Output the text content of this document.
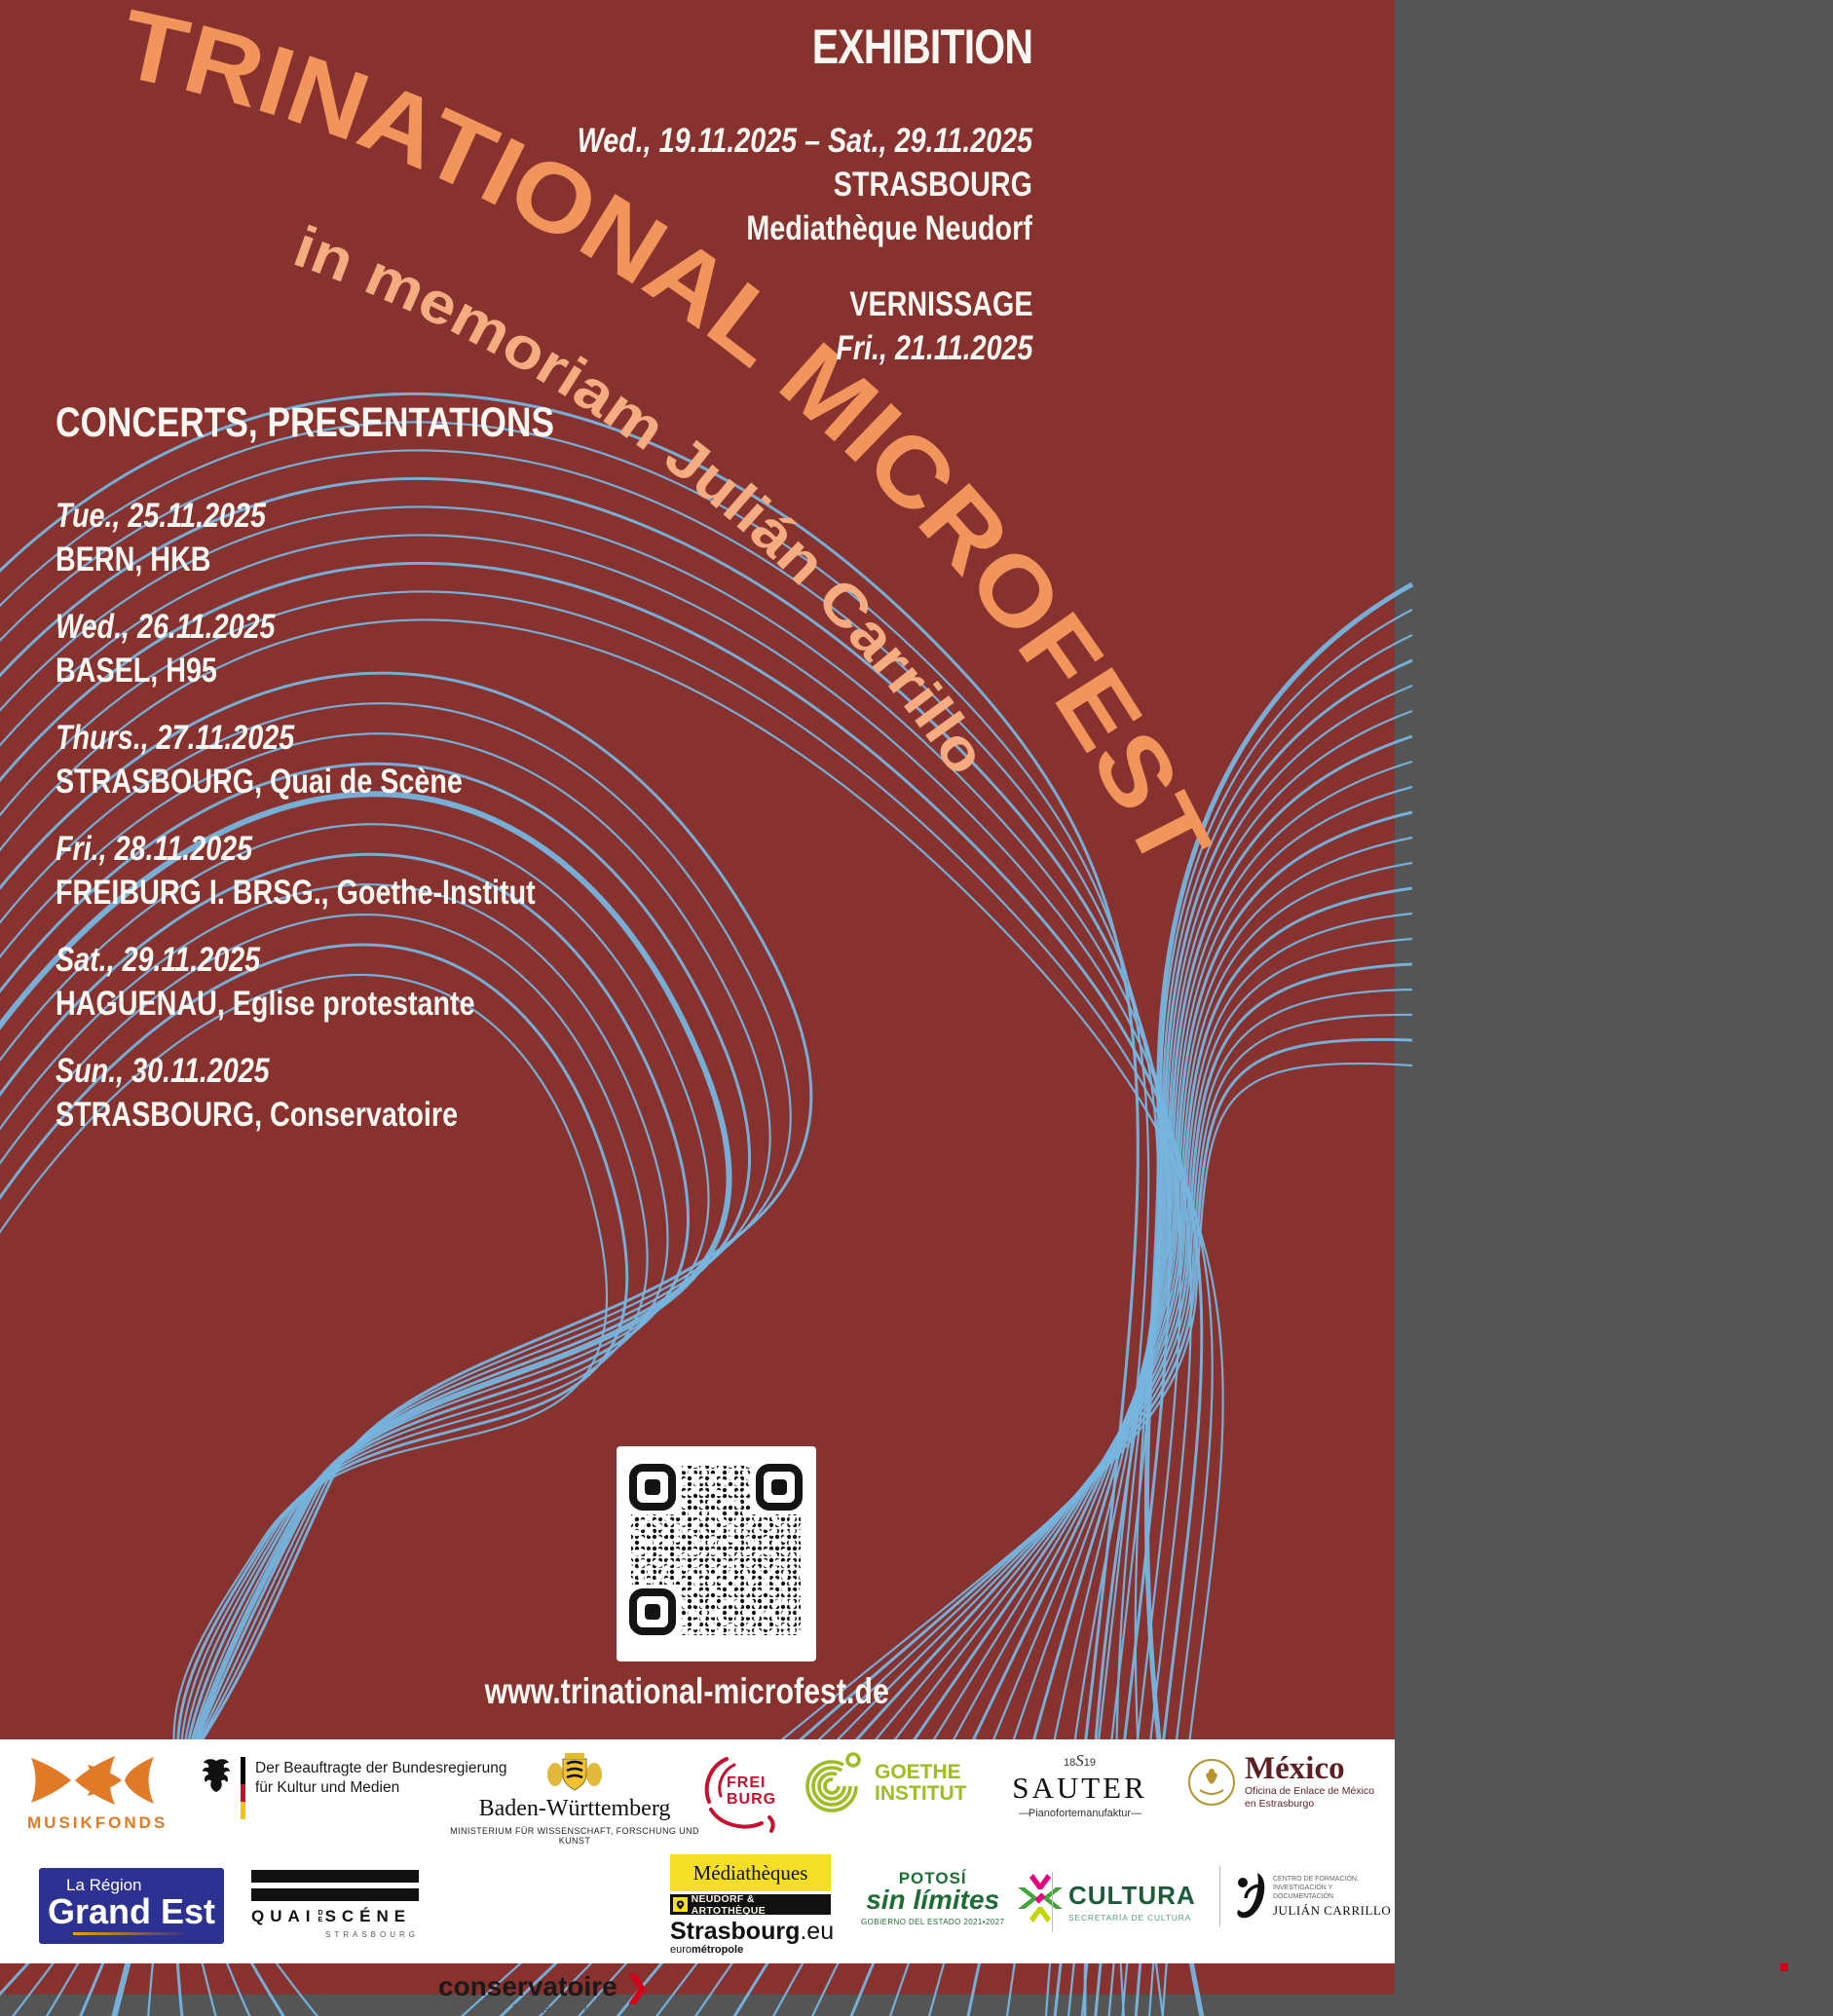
TRINATIONAL MICROFEST
in memoriam Julián Carrillo
EXHIBITION
Wed., 19.11.2025 – Sat., 29.11.2025
STRASBOURG
Mediathèque Neudorf
VERNISSAGE
Fri., 21.11.2025
CONCERTS, PRESENTATIONS
Tue., 25.11.2025
BERN, HKB
Wed., 26.11.2025
BASEL, H95
Thurs., 27.11.2025
STRASBOURG, Quai de Scène
Fri., 28.11.2025
FREIBURG I. BRSG., Goethe-Institut
Sat., 29.11.2025
HAGUENAU, Eglise protestante
Sun., 30.11.2025
STRASBOURG, Conservatoire
www.trinational-microfest.de
MUSIKFONDS
Der Beauftragte der Bundesregierung
für Kultur und Medien
Baden-Württemberg
MINISTERIUM FÜR WISSENSCHAFT, FORSCHUNG UND KUNST
FREI
BURG
GOETHE
INSTITUT
18S19
SAUTER
—Pianofortemanufaktur—
México
Oficina de Enlace de México
en Estrasburgo
La Région
Grand Est QUAI D
E SCÉNE
STRASBOURG
conservatoire
STRASBOURG
❯
Médiathèques
NEUDORF & ARTOTHÈQUE
Strasbourg.eu
eurométropole
POTOSÍ
sin límites
GOBIERNO DEL ESTADO 2021•2027
CULTURA
SECRETARÍA DE CULTURA
CENTRO DE FORMACIÓN,
INVESTIGACIÓN Y DOCUMENTACIÓN
JULIÁN CARRILLO
